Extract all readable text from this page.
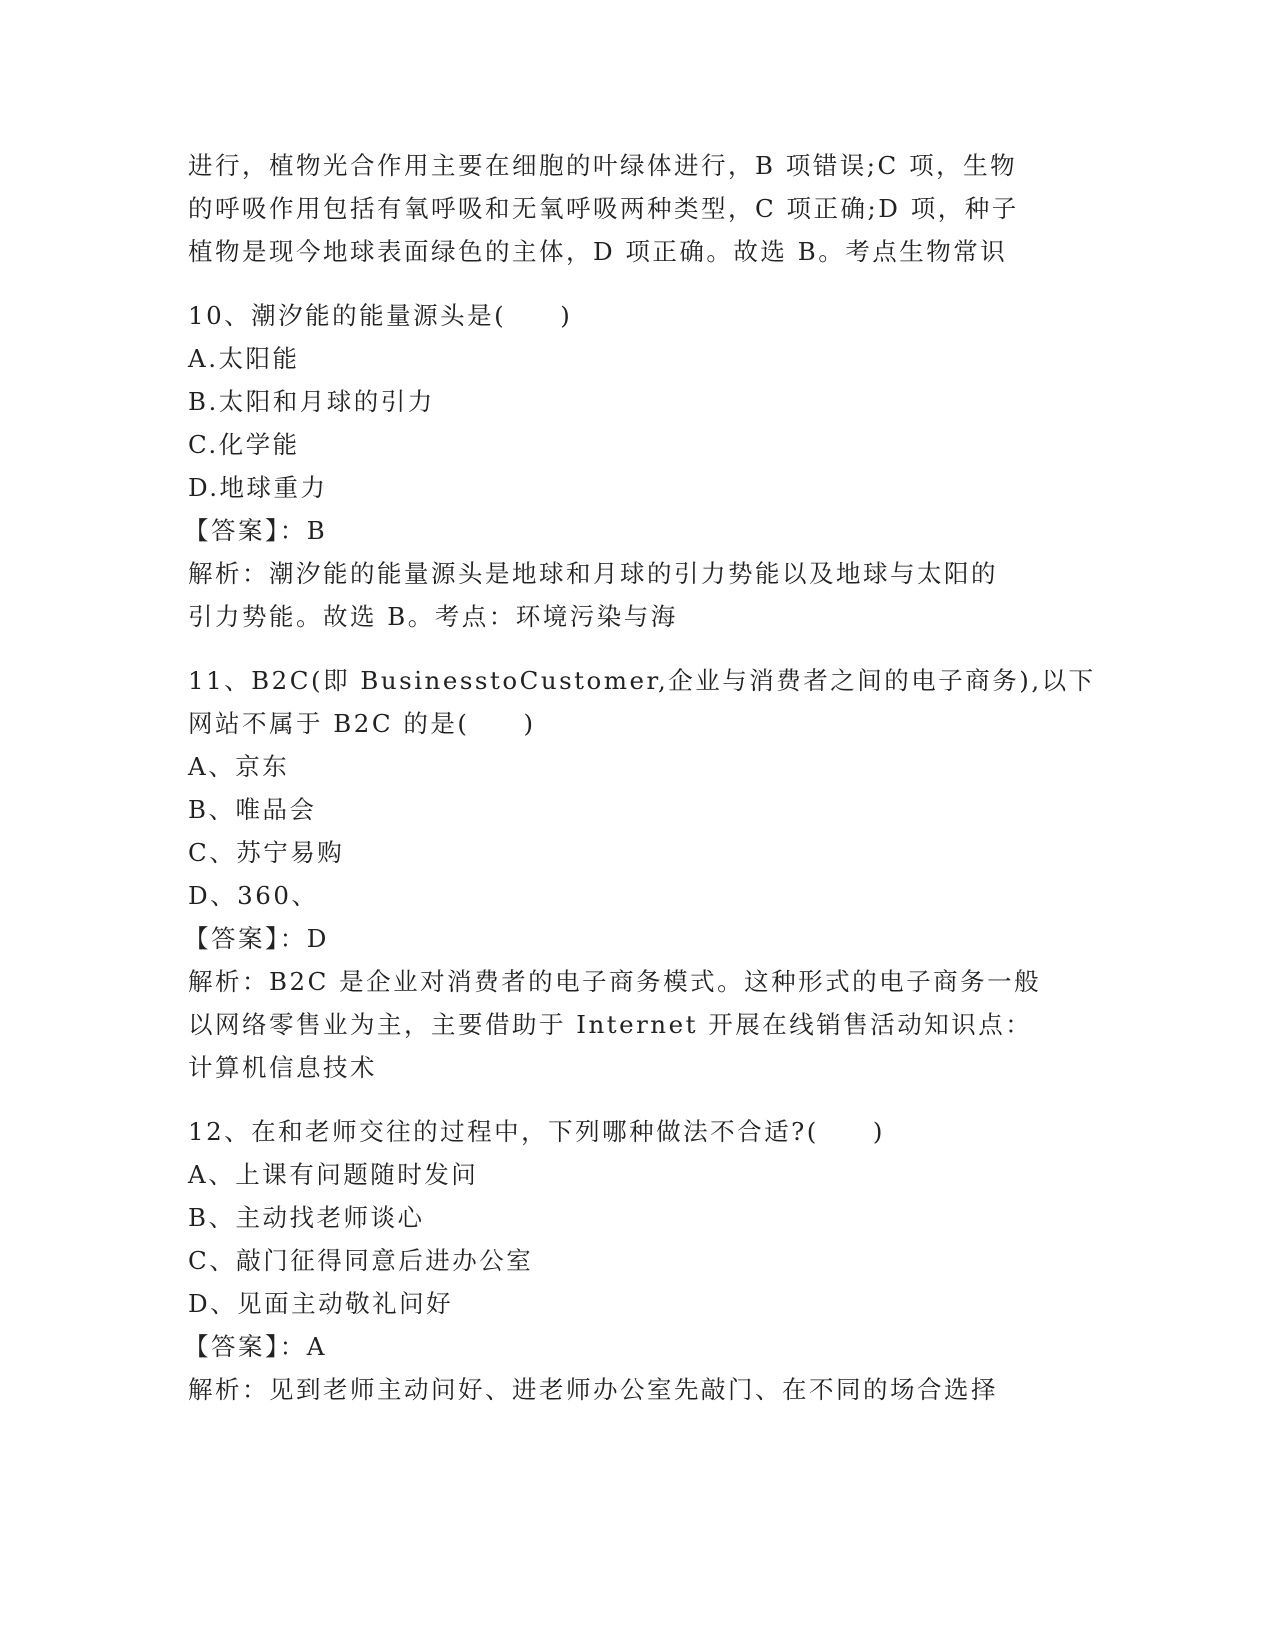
进行，植物光合作用主要在细胞的叶绿体进行，B 项错误;C 项，生物
的呼吸作用包括有氧呼吸和无氧呼吸两种类型，C 项正确;D 项，种子
植物是现今地球表面绿色的主体，D 项正确。故选 B。考点生物常识
10、潮汐能的能量源头是(　　)
A.太阳能
B.太阳和月球的引力
C.化学能
D.地球重力
【答案】：B
解析：潮汐能的能量源头是地球和月球的引力势能以及地球与太阳的
引力势能。故选 B。考点：环境污染与海
11、B2C(即 BusinesstoCustomer,企业与消费者之间的电子商务),以下
网站不属于 B2C 的是(　　)
A、京东
B、唯品会
C、苏宁易购
D、360、
【答案】：D
解析：B2C 是企业对消费者的电子商务模式。这种形式的电子商务一般
以网络零售业为主，主要借助于 Internet 开展在线销售活动知识点：
计算机信息技术
12、在和老师交往的过程中，下列哪种做法不合适?(　　)
A、上课有问题随时发问
B、主动找老师谈心
C、敲门征得同意后进办公室
D、见面主动敬礼问好
【答案】：A
解析：见到老师主动问好、进老师办公室先敲门、在不同的场合选择
